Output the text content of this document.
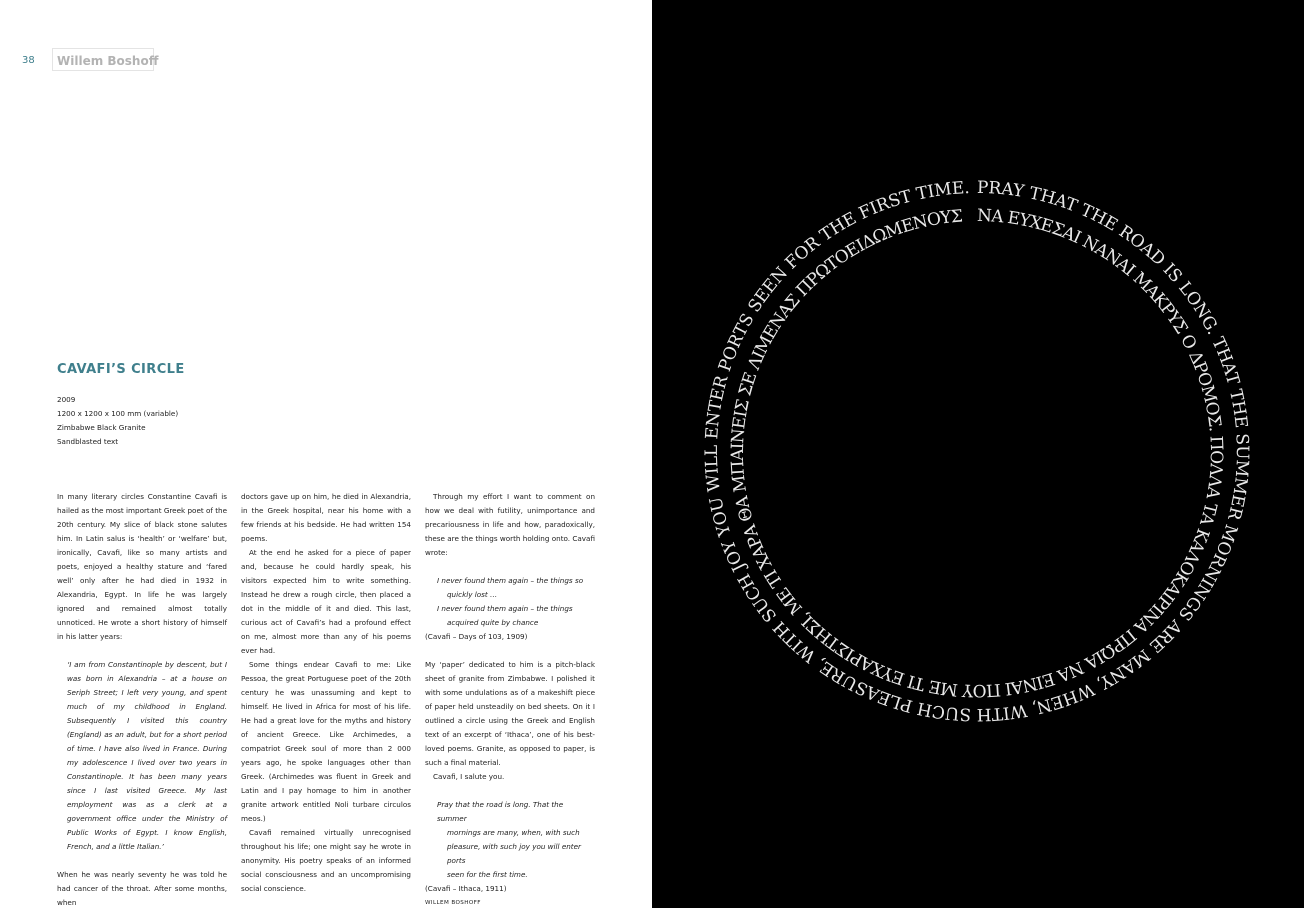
38 Willem Boshoff
CAVAFI’S CIRCLE
2009
1200 x 1200 x 100 mm (variable)
Zimbabwe Black Granite
Sandblasted text

In many literary circles Constantine Cavafi is hailed as the most important Greek poet of the 20th century. My slice of black stone salutes him. In Latin salus is ‘health’ or ‘welfare’ but, ironically, Cavafi, like so many artists and poets, enjoyed a healthy stature and ‘fared well’ only after he had died in 1932 in Alexandria, Egypt. In life he was largely ignored and remained almost totally unnoticed. He wrote a short history of himself in his latter years:

‘I am from Constantinople by descent, but I was born in Alexandria – at a house on Seriph Street; I left very young, and spent much of my childhood in England. Subsequently I visited this country (England) as an adult, but for a short period of time. I have also lived in France. During my adolescence I lived over two years in Constantinople. It has been many years since I last visited Greece. My last employment was as a clerk at a government office under the Ministry of Public Works of Egypt. I know English, French, and a little Italian.’

When he was nearly seventy he was told he had cancer of the throat. After some months, when

doctors gave up on him, he died in Alexandria, in the Greek hospital, near his home with a few friends at his bedside. He had written 154 poems.

At the end he asked for a piece of paper and, because he could hardly speak, his visitors expected him to write something. Instead he drew a rough circle, then placed a dot in the middle of it and died. This last, curious act of Cavafi’s had a profound effect on me, almost more than any of his poems ever had.

Some things endear Cavafi to me: Like Pessoa, the great Portuguese poet of the 20th century he was unassuming and kept to himself. He lived in Africa for most of his life. He had a great love for the myths and history of ancient Greece. Like Archimedes, a compatriot Greek soul of more than 2 000 years ago, he spoke languages other than Greek. (Archimedes was fluent in Greek and Latin and I pay homage to him in another granite artwork entitled Noli turbare circulos meos.)

Cavafi remained virtually unrecognised throughout his life; one might say he wrote in anonymity. His poetry speaks of an informed social consciousness and an uncompromising social conscience.

Through my effort I want to comment on how we deal with futility, unimportance and precariousness in life and how, paradoxically, these are the things worth holding onto. Cavafi wrote:

I never found them again – the things so
quickly lost …
I never found them again – the things
acquired quite by chance

(Cavafi – Days of 103, 1909)

My ‘paper’ dedicated to him is a pitch-black sheet of granite from Zimbabwe. I polished it with some undulations as of a makeshift piece of paper held unsteadily on bed sheets. On it I outlined a circle using the Greek and English text of an excerpt of ‘Ithaca’, one of his best-loved poems. Granite, as opposed to paper, is such a final material.

Cavafi, I salute you.

Pray that the road is long. That the summer
mornings are many, when, with such
pleasure, with such joy you will enter ports
seen for the first time.

(Cavafi – Ithaca, 1911)

WILLEM BOSHOFF

PRAY THAT THE ROAD IS LONG. THAT THE SUMMER MORNINGS ARE MANY, WHEN, WITH SUCH PLEASURE, WITH SUCH JOY YOU WILL ENTER PORTS SEEN FOR THE FIRST TIME.
ΝΑ ΕΥΧΕΣΑΙ ΝΑΝΑΙ ΜΑΚΡΥΣ Ο ΔΡΟΜΟΣ. ΠΟΛΛΑ ΤΑ ΚΑΛΟΚΑΙΡΙΝΑ ΠΡΩΙΑ ΝΑ ΕΙΝΑΙ ΠΟΥ ΜΕ ΤΙ ΕΥΧΑΡΙΣΤΗΣΙ, ΜΕ ΤΙ ΧΑΡΑ ΘΑ ΜΠΑΙΝΕΙΣ ΣΕ ΛΙΜΕΝΑΣ ΠΡΩΤΟΕΙΔΩΜΕΝΟΥΣ
